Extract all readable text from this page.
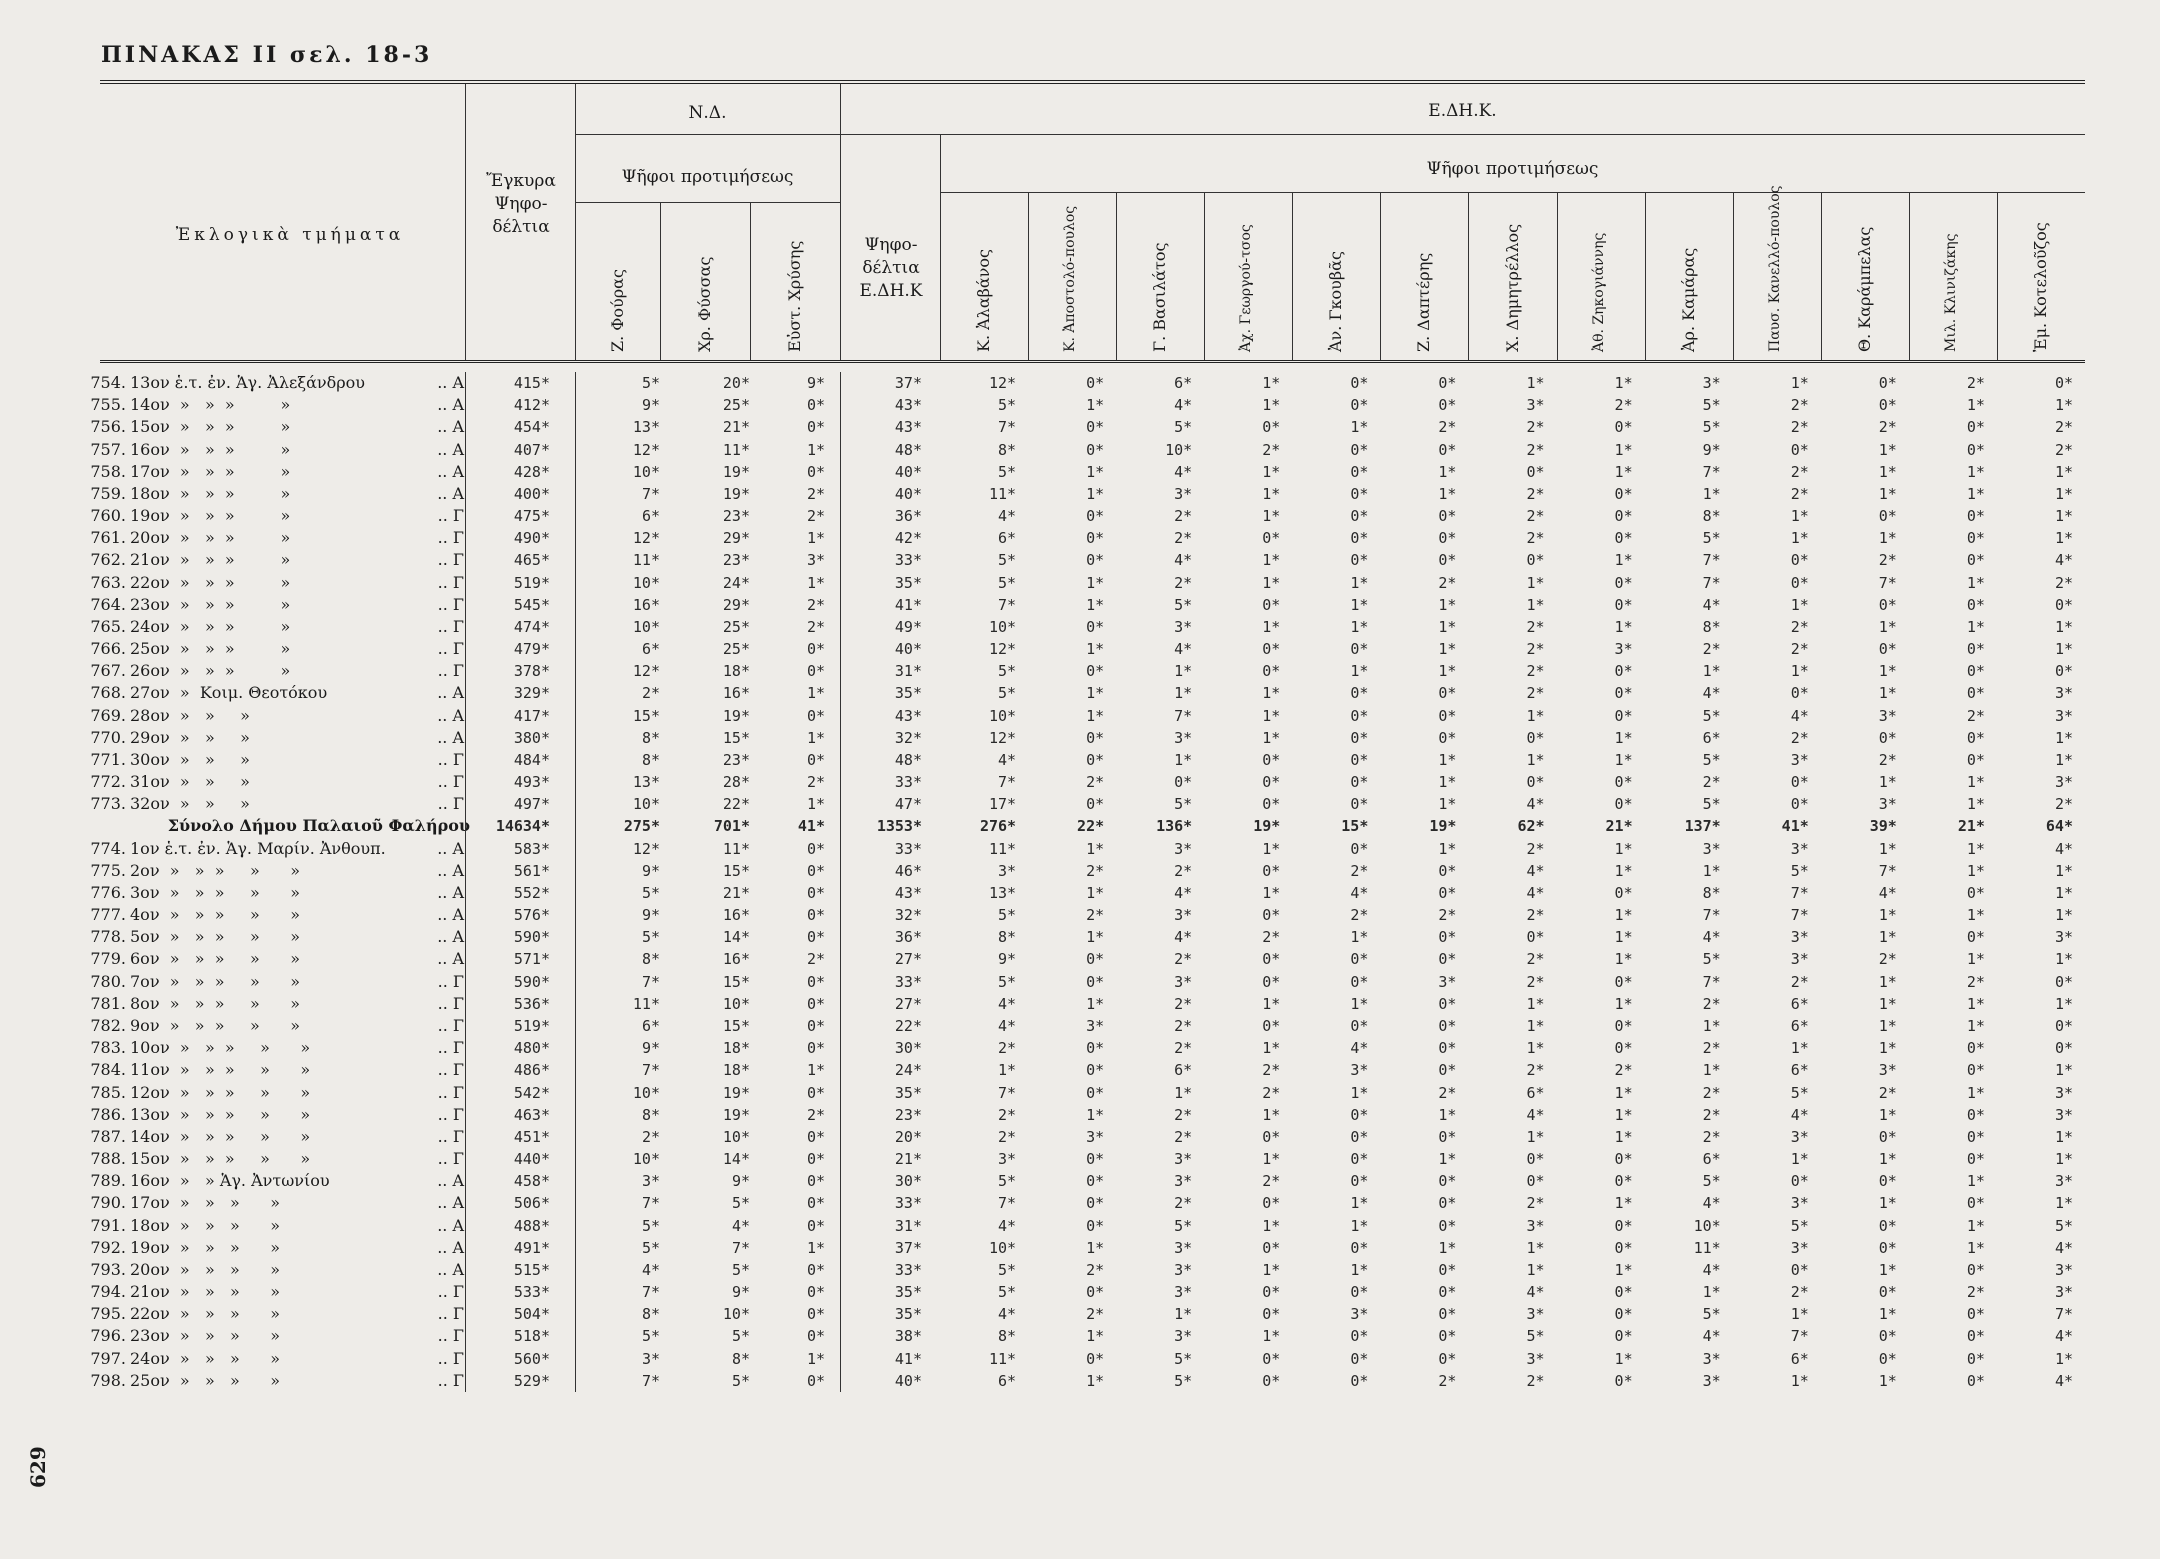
ΠΙΝΑΚΑΣ ΙΙ σελ. 18-3
629
Ἐκλογικὰ τμήματα
Ἔγκυρα Ψηφο- δέλτια
Ν.Δ.
Ψῆφοι προτιμήσεως
Ε.ΔΗ.Κ.
Ψηφο- δέλτια Ε.ΔΗ.Κ
Ψῆφοι προτιμήσεως
Ζ. Φούρας	Χρ. Φύσσας	Εὐστ. Χρύσης	Κ. Ἀλαβάνος	Κ. Ἀποστολό-πουλος	Γ. Βασιλάτος	Ἀχ. Γεωργού-τσος	Ἀν. Γκουβᾶς	Ζ. Δαπτέρης	Χ. Δημητρέλλος	Ἀθ. Ζηκογιάννης	Ἀρ. Καμάρας	Παυσ. Κανελλό-πουλος	Θ. Καράμπελας	Μιλ. Κλινιζάκης	Ἐμ. Κοτελοῦζος
754. 13ον ἑ.τ. ἐν. Ἁγ. Ἀλεξάνδρου	.. Α	415*	5*	20*	9*	37*	12*	0*	6*	1*	0*	0*	1*	1*	3*	1*	0*	2*	0*
755. 14ον  »   »  »         »	.. Α	412*	9*	25*	0*	43*	5*	1*	4*	1*	0*	0*	3*	2*	5*	2*	0*	1*	1*
756. 15ον  »   »  »         »	.. Α	454*	13*	21*	0*	43*	7*	0*	5*	0*	1*	2*	2*	0*	5*	2*	2*	0*	2*
757. 16ον  »   »  »         »	.. Α	407*	12*	11*	1*	48*	8*	0*	10*	2*	0*	0*	2*	1*	9*	0*	1*	0*	2*
758. 17ον  »   »  »         »	.. Α	428*	10*	19*	0*	40*	5*	1*	4*	1*	0*	1*	0*	1*	7*	2*	1*	1*	1*
759. 18ον  »   »  »         »	.. Α	400*	7*	19*	2*	40*	11*	1*	3*	1*	0*	1*	2*	0*	1*	2*	1*	1*	1*
760. 19ον  »   »  »         »	.. Γ	475*	6*	23*	2*	36*	4*	0*	2*	1*	0*	0*	2*	0*	8*	1*	0*	0*	1*
761. 20ον  »   »  »         »	.. Γ	490*	12*	29*	1*	42*	6*	0*	2*	0*	0*	0*	2*	0*	5*	1*	1*	0*	1*
762. 21ον  »   »  »         »	.. Γ	465*	11*	23*	3*	33*	5*	0*	4*	1*	0*	0*	0*	1*	7*	0*	2*	0*	4*
763. 22ον  »   »  »         »	.. Γ	519*	10*	24*	1*	35*	5*	1*	2*	1*	1*	2*	1*	0*	7*	0*	7*	1*	2*
764. 23ον  »   »  »         »	.. Γ	545*	16*	29*	2*	41*	7*	1*	5*	0*	1*	1*	1*	0*	4*	1*	0*	0*	0*
765. 24ον  »   »  »         »	.. Γ	474*	10*	25*	2*	49*	10*	0*	3*	1*	1*	1*	2*	1*	8*	2*	1*	1*	1*
766. 25ον  »   »  »         »	.. Γ	479*	6*	25*	0*	40*	12*	1*	4*	0*	0*	1*	2*	3*	2*	2*	0*	0*	1*
767. 26ον  »   »  »         »	.. Γ	378*	12*	18*	0*	31*	5*	0*	1*	0*	1*	1*	2*	0*	1*	1*	1*	0*	0*
768. 27ον  »  Κοιμ. Θεοτόκου	.. Α	329*	2*	16*	1*	35*	5*	1*	1*	1*	0*	0*	2*	0*	4*	0*	1*	0*	3*
769. 28ον  »   »     »	.. Α	417*	15*	19*	0*	43*	10*	1*	7*	1*	0*	0*	1*	0*	5*	4*	3*	2*	3*
770. 29ον  »   »     »	.. Α	380*	8*	15*	1*	32*	12*	0*	3*	1*	0*	0*	0*	1*	6*	2*	0*	0*	1*
771. 30ον  »   »     »	.. Γ	484*	8*	23*	0*	48*	4*	0*	1*	0*	0*	1*	1*	1*	5*	3*	2*	0*	1*
772. 31ον  »   »     »	.. Γ	493*	13*	28*	2*	33*	7*	2*	0*	0*	0*	1*	0*	0*	2*	0*	1*	1*	3*
773. 32ον  »   »     »	.. Γ	497*	10*	22*	1*	47*	17*	0*	5*	0*	0*	1*	4*	0*	5*	0*	3*	1*	2*
Σύνολο Δήμου Παλαιοῦ Φαλήρου	14634*	275*	701*	41*	1353*	276*	22*	136*	19*	15*	19*	62*	21*	137*	41*	39*	21*	64*
774. 1ον ἑ.τ. ἐν. Ἁγ. Μαρίν. Ἀνθουπ.	.. Α	583*	12*	11*	0*	33*	11*	1*	3*	1*	0*	1*	2*	1*	3*	3*	1*	1*	4*
775. 2ον  »   »  »     »      »	.. Α	561*	9*	15*	0*	46*	3*	2*	2*	0*	2*	0*	4*	1*	1*	5*	7*	1*	1*
776. 3ον  »   »  »     »      »	.. Α	552*	5*	21*	0*	43*	13*	1*	4*	1*	4*	0*	4*	0*	8*	7*	4*	0*	1*
777. 4ον  »   »  »     »      »	.. Α	576*	9*	16*	0*	32*	5*	2*	3*	0*	2*	2*	2*	1*	7*	7*	1*	1*	1*
778. 5ον  »   »  »     »      »	.. Α	590*	5*	14*	0*	36*	8*	1*	4*	2*	1*	0*	0*	1*	4*	3*	1*	0*	3*
779. 6ον  »   »  »     »      »	.. Α	571*	8*	16*	2*	27*	9*	0*	2*	0*	0*	0*	2*	1*	5*	3*	2*	1*	1*
780. 7ον  »   »  »     »      »	.. Γ	590*	7*	15*	0*	33*	5*	0*	3*	0*	0*	3*	2*	0*	7*	2*	1*	2*	0*
781. 8ον  »   »  »     »      »	.. Γ	536*	11*	10*	0*	27*	4*	1*	2*	1*	1*	0*	1*	1*	2*	6*	1*	1*	1*
782. 9ον  »   »  »     »      »	.. Γ	519*	6*	15*	0*	22*	4*	3*	2*	0*	0*	0*	1*	0*	1*	6*	1*	1*	0*
783. 10ον  »   »  »     »      »	.. Γ	480*	9*	18*	0*	30*	2*	0*	2*	1*	4*	0*	1*	0*	2*	1*	1*	0*	0*
784. 11ον  »   »  »     »      »	.. Γ	486*	7*	18*	1*	24*	1*	0*	6*	2*	3*	0*	2*	2*	1*	6*	3*	0*	1*
785. 12ον  »   »  »     »      »	.. Γ	542*	10*	19*	0*	35*	7*	0*	1*	2*	1*	2*	6*	1*	2*	5*	2*	1*	3*
786. 13ον  »   »  »     »      »	.. Γ	463*	8*	19*	2*	23*	2*	1*	2*	1*	0*	1*	4*	1*	2*	4*	1*	0*	3*
787. 14ον  »   »  »     »      »	.. Γ	451*	2*	10*	0*	20*	2*	3*	2*	0*	0*	0*	1*	1*	2*	3*	0*	0*	1*
788. 15ον  »   »  »     »      »	.. Γ	440*	10*	14*	0*	21*	3*	0*	3*	1*	0*	1*	0*	0*	6*	1*	1*	0*	1*
789. 16ον  »   » Ἁγ. Ἀντωνίου	.. Α	458*	3*	9*	0*	30*	5*	0*	3*	2*	0*	0*	0*	0*	5*	0*	0*	1*	3*
790. 17ον  »   »   »      »	.. Α	506*	7*	5*	0*	33*	7*	0*	2*	0*	1*	0*	2*	1*	4*	3*	1*	0*	1*
791. 18ον  »   »   »      »	.. Α	488*	5*	4*	0*	31*	4*	0*	5*	1*	1*	0*	3*	0*	10*	5*	0*	1*	5*
792. 19ον  »   »   »      »	.. Α	491*	5*	7*	1*	37*	10*	1*	3*	0*	0*	1*	1*	0*	11*	3*	0*	1*	4*
793. 20ον  »   »   »      »	.. Α	515*	4*	5*	0*	33*	5*	2*	3*	1*	1*	0*	1*	1*	4*	0*	1*	0*	3*
794. 21ον  »   »   »      »	.. Γ	533*	7*	9*	0*	35*	5*	0*	3*	0*	0*	0*	4*	0*	1*	2*	0*	2*	3*
795. 22ον  »   »   »      »	.. Γ	504*	8*	10*	0*	35*	4*	2*	1*	0*	3*	0*	3*	0*	5*	1*	1*	0*	7*
796. 23ον  »   »   »      »	.. Γ	518*	5*	5*	0*	38*	8*	1*	3*	1*	0*	0*	5*	0*	4*	7*	0*	0*	4*
797. 24ον  »   »   »      »	.. Γ	560*	3*	8*	1*	41*	11*	0*	5*	0*	0*	0*	3*	1*	3*	6*	0*	0*	1*
798. 25ον  »   »   »      »	.. Γ	529*	7*	5*	0*	40*	6*	1*	5*	0*	0*	2*	2*	0*	3*	1*	1*	0*	4*
